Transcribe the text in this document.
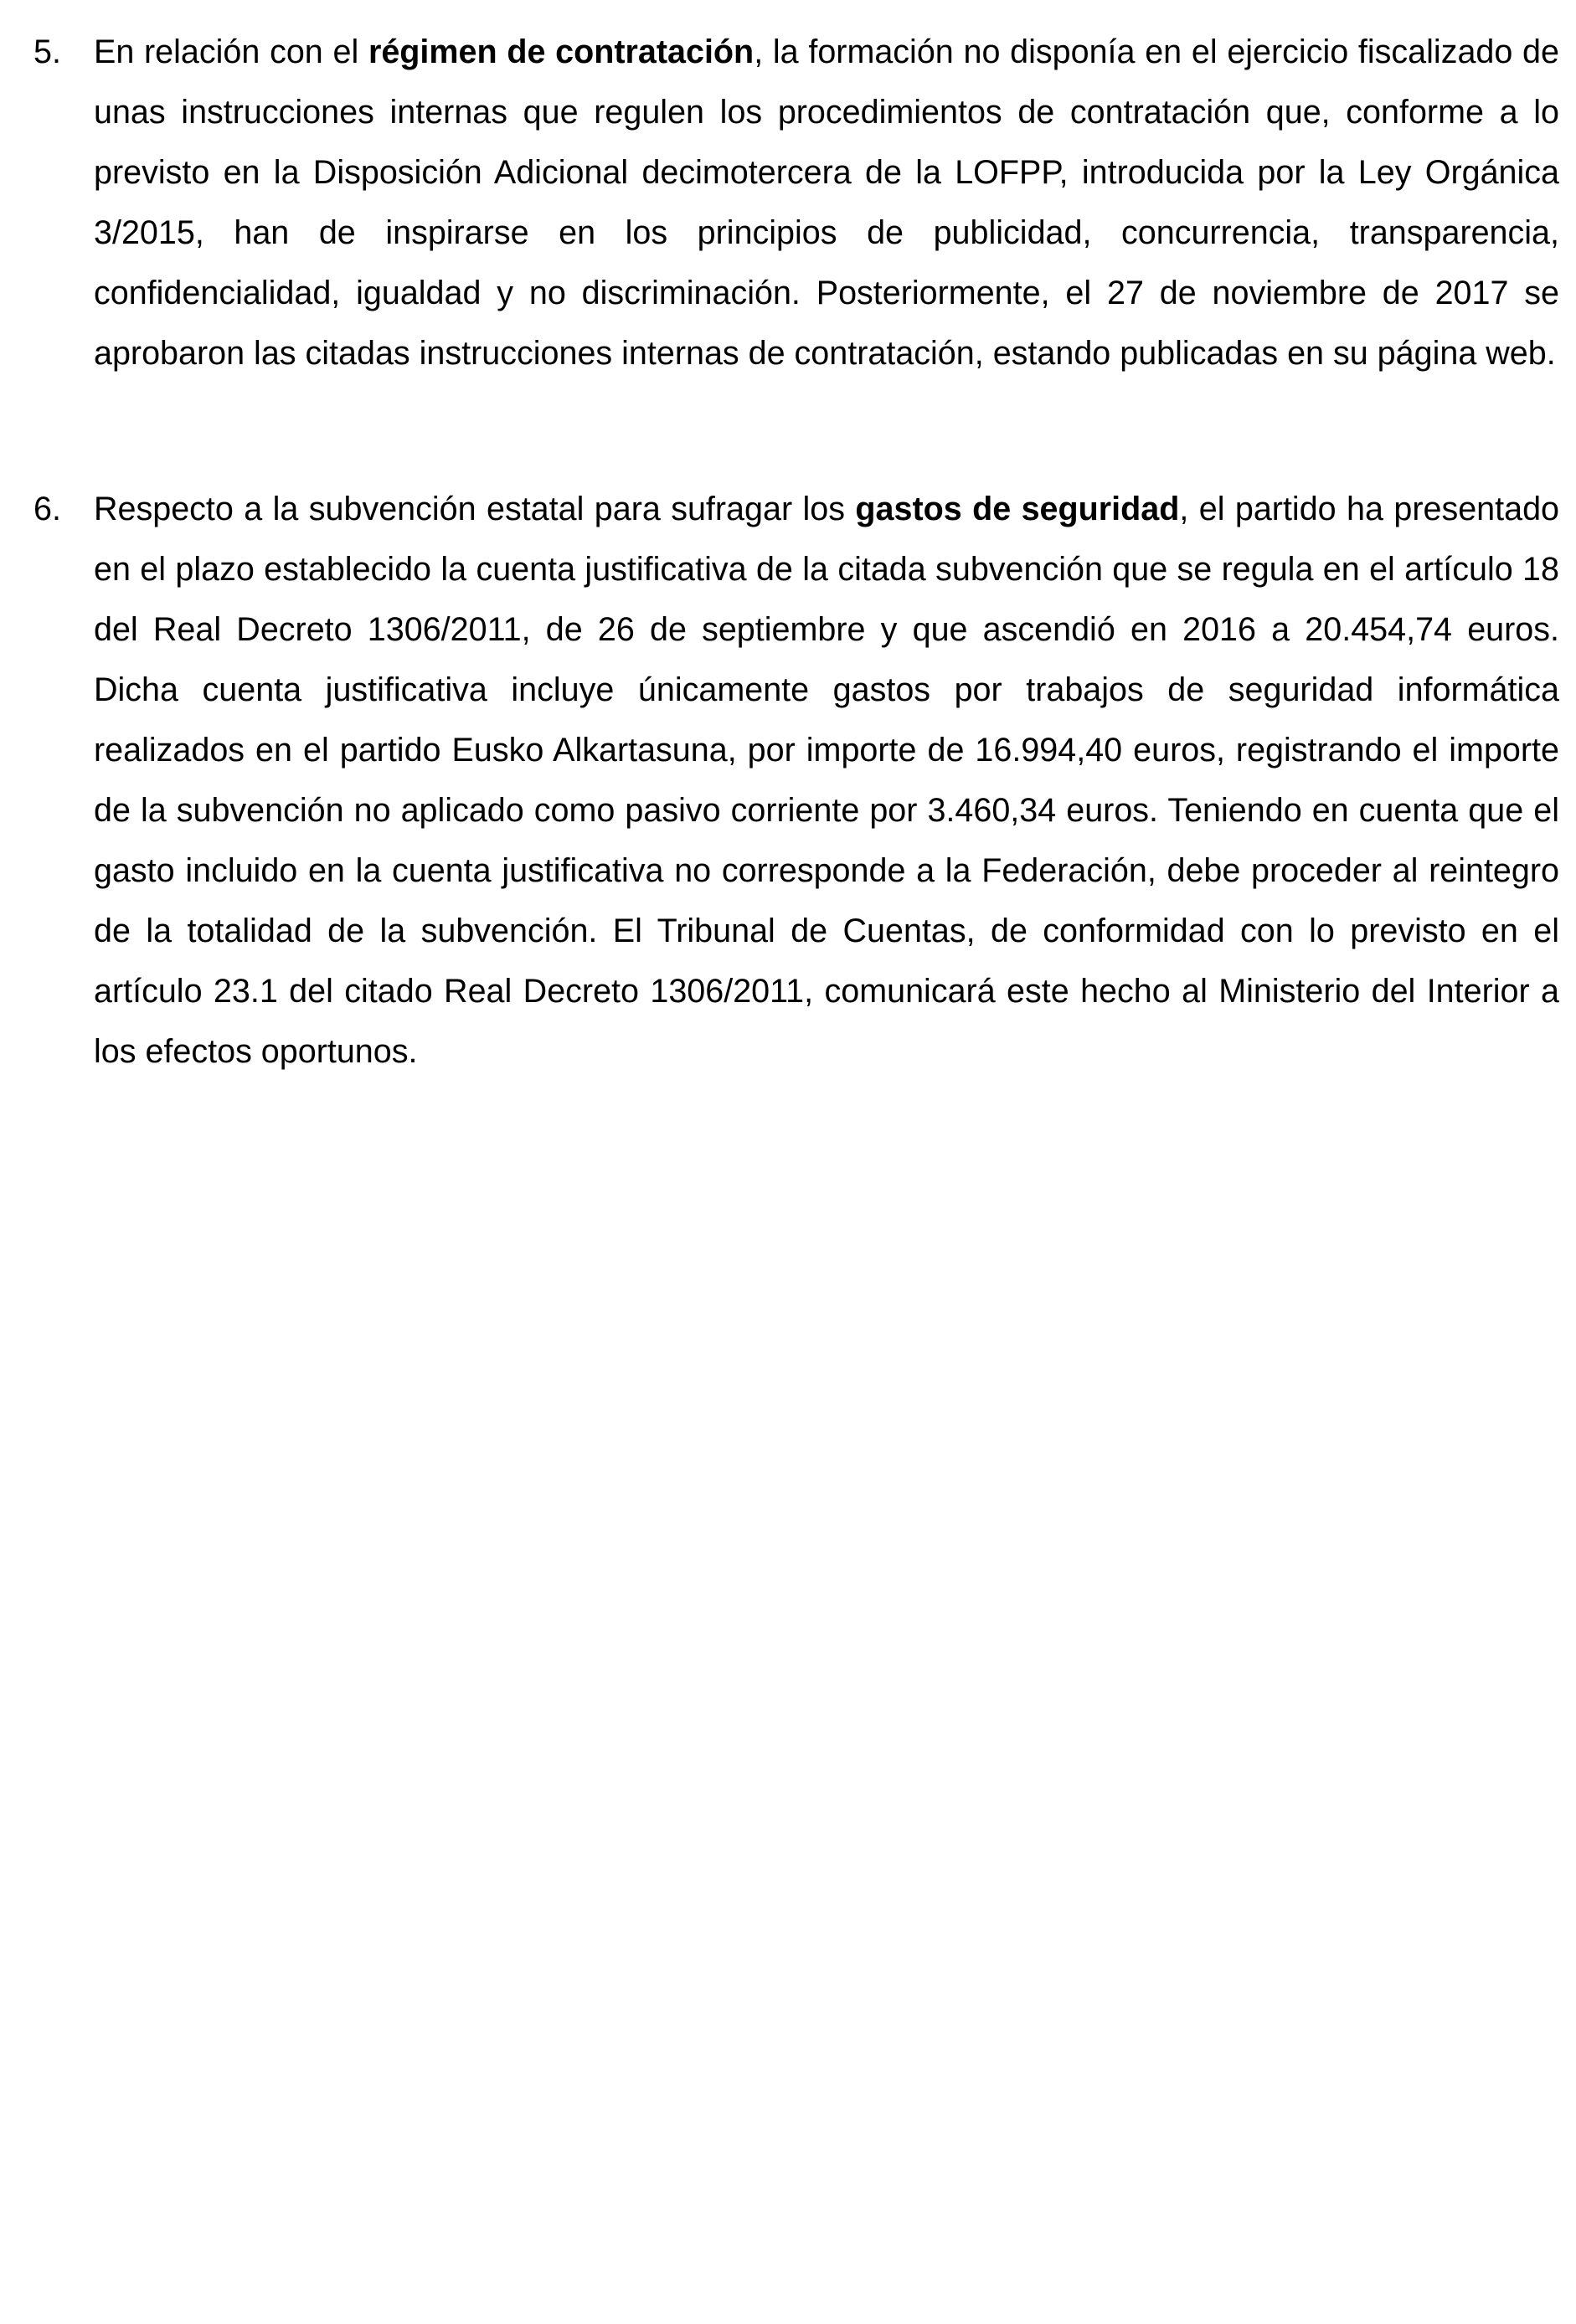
5. En relación con el régimen de contratación, la formación no disponía en el ejercicio fiscalizado de unas instrucciones internas que regulen los procedimientos de contratación que, conforme a lo previsto en la Disposición Adicional decimotercera de la LOFPP, introducida por la Ley Orgánica 3/2015, han de inspirarse en los principios de publicidad, concurrencia, transparencia, confidencialidad, igualdad y no discriminación. Posteriormente, el 27 de noviembre de 2017 se aprobaron las citadas instrucciones internas de contratación, estando publicadas en su página web.
6. Respecto a la subvención estatal para sufragar los gastos de seguridad, el partido ha presentado en el plazo establecido la cuenta justificativa de la citada subvención que se regula en el artículo 18 del Real Decreto 1306/2011, de 26 de septiembre y que ascendió en 2016 a 20.454,74 euros. Dicha cuenta justificativa incluye únicamente gastos por trabajos de seguridad informática realizados en el partido Eusko Alkartasuna, por importe de 16.994,40 euros, registrando el importe de la subvención no aplicado como pasivo corriente por 3.460,34 euros. Teniendo en cuenta que el gasto incluido en la cuenta justificativa no corresponde a la Federación, debe proceder al reintegro de la totalidad de la subvención. El Tribunal de Cuentas, de conformidad con lo previsto en el artículo 23.1 del citado Real Decreto 1306/2011, comunicará este hecho al Ministerio del Interior a los efectos oportunos.
